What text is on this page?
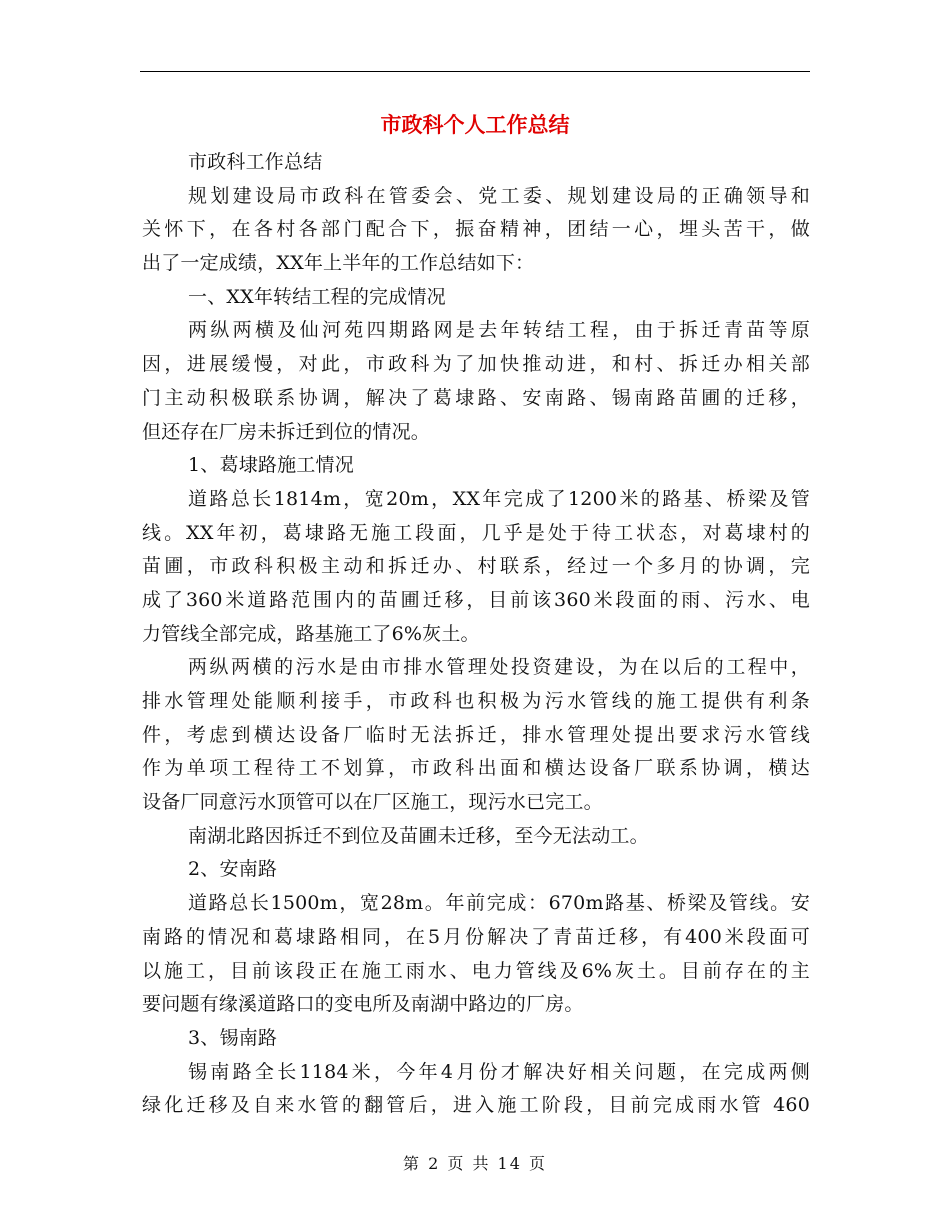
市政科个人工作总结
市政科工作总结
规划建设局市政科在管委会、党工委、规划建设局的正确领导和
关怀下，在各村各部门配合下，振奋精神，团结一心，埋头苦干，做
出了一定成绩，XX年上半年的工作总结如下：
一、XX年转结工程的完成情况
两纵两横及仙河苑四期路网是去年转结工程，由于拆迁青苗等原
因，进展缓慢，对此，市政科为了加快推动进，和村、拆迁办相关部
门主动积极联系协调，解决了葛埭路、安南路、锡南路苗圃的迁移，
但还存在厂房未拆迁到位的情况。
1、葛埭路施工情况
道路总长1814m，宽20m，XX年完成了1200米的路基、桥梁及管
线。XX年初，葛埭路无施工段面，几乎是处于待工状态，对葛埭村的
苗圃，市政科积极主动和拆迁办、村联系，经过一个多月的协调，完
成了360米道路范围内的苗圃迁移，目前该360米段面的雨、污水、电
力管线全部完成，路基施工了6%灰土。
两纵两横的污水是由市排水管理处投资建设，为在以后的工程中，
排水管理处能顺利接手，市政科也积极为污水管线的施工提供有利条
件，考虑到横达设备厂临时无法拆迁，排水管理处提出要求污水管线
作为单项工程待工不划算，市政科出面和横达设备厂联系协调，横达
设备厂同意污水顶管可以在厂区施工，现污水已完工。
南湖北路因拆迁不到位及苗圃未迁移，至今无法动工。
2、安南路
道路总长1500m，宽28m。年前完成：670m路基、桥梁及管线。安
南路的情况和葛埭路相同，在5月份解决了青苗迁移，有400米段面可
以施工，目前该段正在施工雨水、电力管线及6%灰土。目前存在的主
要问题有缘溪道路口的变电所及南湖中路边的厂房。
3、锡南路
锡南路全长1184米，今年4月份才解决好相关问题，在完成两侧
绿化迁移及自来水管的翻管后，进入施工阶段，目前完成雨水管 460
第 2 页 共 14 页
